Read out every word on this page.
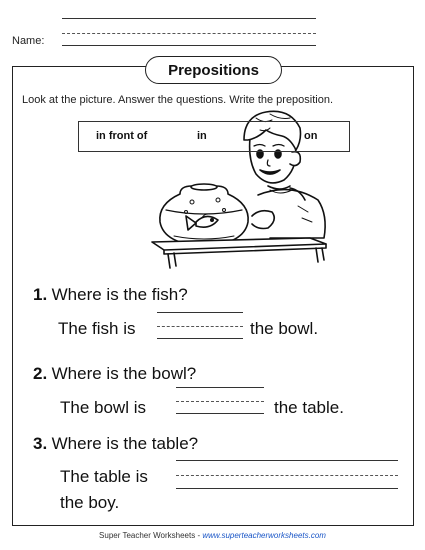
Name:
Prepositions
Look at the picture. Answer the questions. Write the preposition.
in front of	in	on
1. Where is the fish?
The fish is	the bowl.
2. Where is the bowl?
The bowl is	the table.
3. Where is the table?
The table is
the boy.
Super Teacher Worksheets - www.superteacherworksheets.com
